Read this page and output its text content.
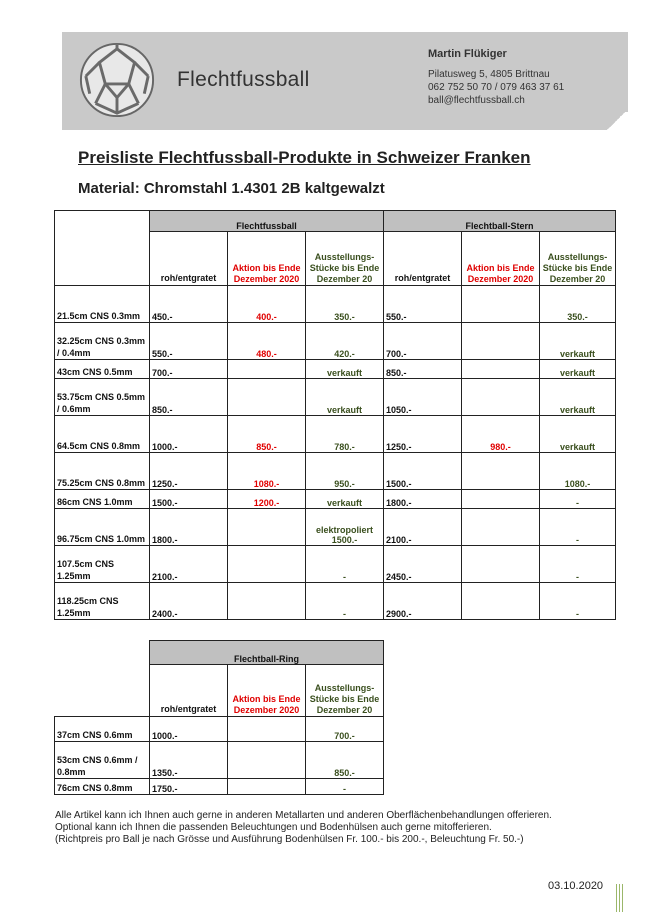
Flechtfussball
Martin Flükiger
Pilatusweg 5, 4805 Brittnau
062 752 50 70 / 079 463 37 61
ball@flechtfussball.ch
Preisliste Flechtfussball-Produkte in Schweizer Franken
Material: Chromstahl 1.4301 2B kaltgewalzt
	Flechtfussball			Flechtball-Stern		
	roh/entgratet	Aktion bis Ende Dezember 2020	Ausstellungs-Stücke bis Ende Dezember 20	roh/entgratet	Aktion bis Ende Dezember 2020	Ausstellungs-Stücke bis Ende Dezember 20
21.5cm CNS 0.3mm	450.-	400.-	350.-	550.-		350.-
32.25cm CNS 0.3mm / 0.4mm	550.-	480.-	420.-	700.-		verkauft
43cm CNS 0.5mm	700.-		verkauft	850.-		verkauft
53.75cm CNS 0.5mm / 0.6mm	850.-		verkauft	1050.-		verkauft
64.5cm CNS 0.8mm	1000.-	850.-	780.-	1250.-	980.-	verkauft
75.25cm CNS 0.8mm	1250.-	1080.-	950.-	1500.-		1080.-
86cm CNS 1.0mm	1500.-	1200.-	verkauft	1800.-		-
96.75cm CNS 1.0mm	1800.-		elektropoliert 1500.-	2100.-		-
107.5cm CNS 1.25mm	2100.-		-	2450.-		-
118.25cm CNS 1.25mm	2400.-		-	2900.-		-
	Flechtball-Ring		
	roh/entgratet	Aktion bis Ende Dezember 2020	Ausstellungs-Stücke bis Ende Dezember 20
37cm CNS 0.6mm	1000.-		700.-
53cm CNS 0.6mm / 0.8mm	1350.-		850.-
76cm CNS 0.8mm	1750.-		-
Alle Artikel kann ich Ihnen auch gerne in anderen Metallarten und anderen Oberflächenbehandlungen offerieren.
Optional kann ich Ihnen die passenden Beleuchtungen und Bodenhülsen auch gerne mitofferieren.
(Richtpreis pro Ball je nach Grösse und Ausführung Bodenhülsen Fr. 100.- bis 200.-, Beleuchtung Fr. 50.-)
03.10.2020
